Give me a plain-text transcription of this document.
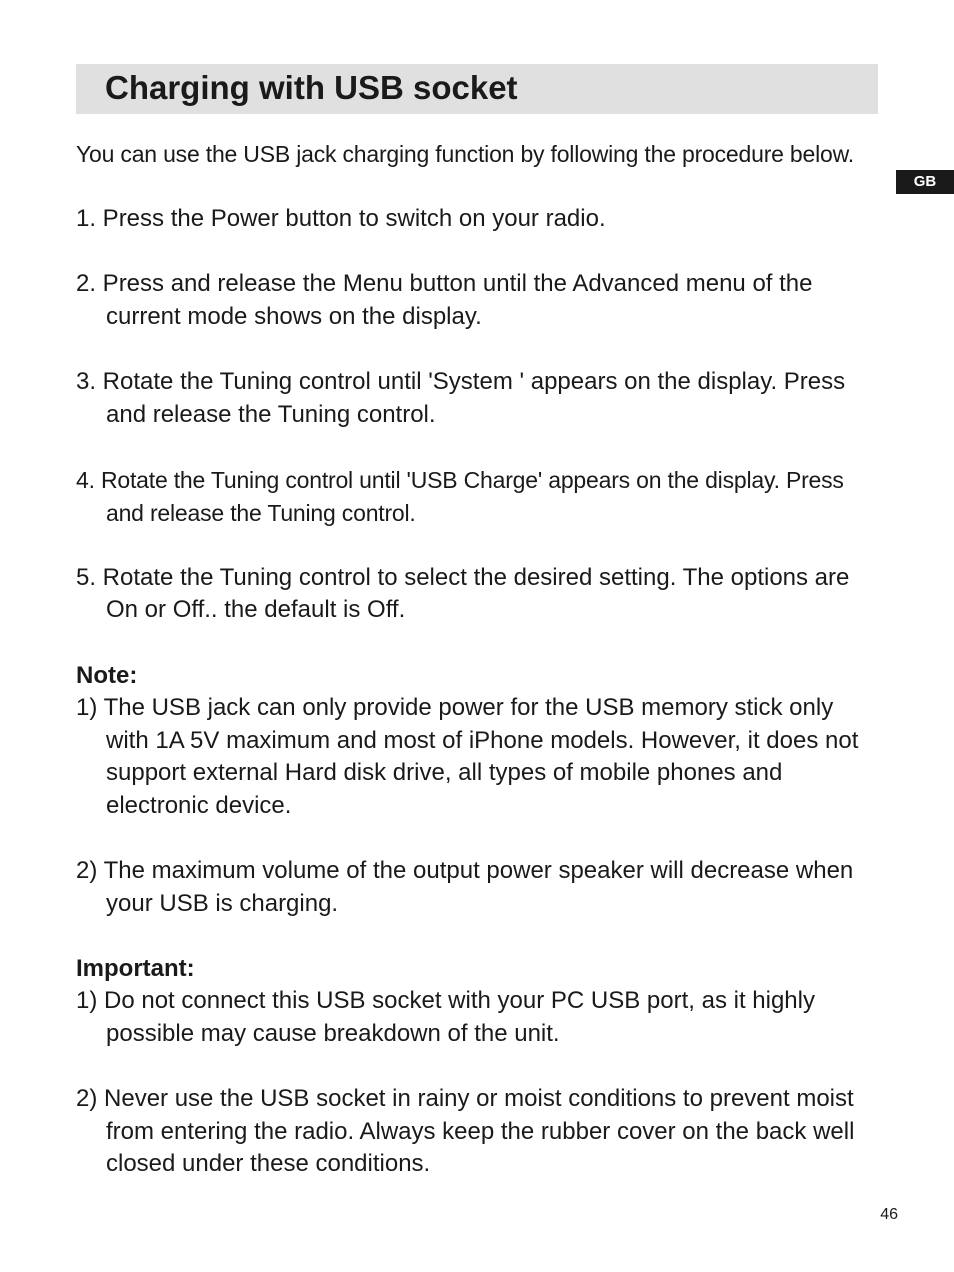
Charging with USB socket
GB

You can use the USB jack charging function by following the procedure below.

1. Press the Power button to switch on your radio.

2. Press and release the Menu button until the Advanced menu of the current mode shows on the display.

3. Rotate the Tuning control until 'System ' appears on the display. Press and release the Tuning control.

4. Rotate the Tuning control until 'USB Charge' appears on the display. Press and release the Tuning control.

5. Rotate the Tuning control to select the desired setting. The options are On or Off.. the default is Off.

Note:

1) The USB jack can only provide power for the USB memory stick only with 1A 5V maximum and most of iPhone models. However, it does not support external Hard disk drive, all types of mobile phones and electronic device.

2) The maximum volume of the output power speaker will decrease when your USB is charging.

Important:

1) Do not connect this USB socket with your PC USB port, as it highly possible may cause breakdown of the unit.

2) Never use the USB socket in rainy or moist conditions to prevent moist from entering the radio. Always keep the rubber cover on the back well closed under these conditions.

46
